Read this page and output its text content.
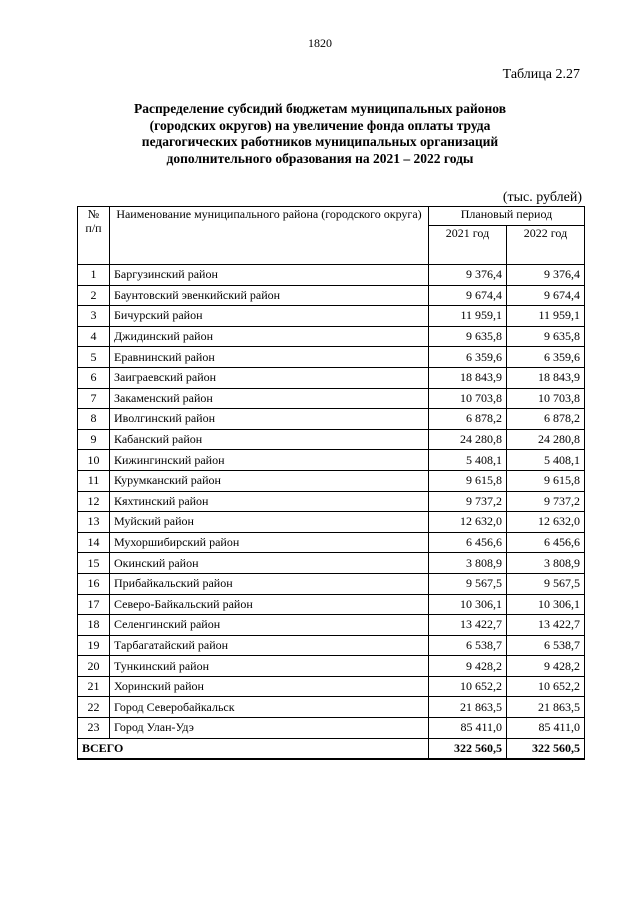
1820
Таблица 2.27
Распределение субсидий бюджетам муниципальных районов
(городских округов) на увеличение фонда оплаты труда
педагогических работников муниципальных организаций
дополнительного образования на 2021 – 2022 годы
(тыс. рублей)
№ п/п	Наименование муниципального района (городского округа)	Плановый период	
		2021 год	2022 год
1	Баргузинский район	9 376,4	9 376,4
2	Баунтовский эвенкийский район	9 674,4	9 674,4
3	Бичурский район	11 959,1	11 959,1
4	Джидинский район	9 635,8	9 635,8
5	Еравнинский район	6 359,6	6 359,6
6	Заиграевский район	18 843,9	18 843,9
7	Закаменский район	10 703,8	10 703,8
8	Иволгинский район	6 878,2	6 878,2
9	Кабанский район	24 280,8	24 280,8
10	Кижингинский район	5 408,1	5 408,1
11	Курумканский район	9 615,8	9 615,8
12	Кяхтинский район	9 737,2	9 737,2
13	Муйский район	12 632,0	12 632,0
14	Мухоршибирский район	6 456,6	6 456,6
15	Окинский район	3 808,9	3 808,9
16	Прибайкальский район	9 567,5	9 567,5
17	Северо-Байкальский район	10 306,1	10 306,1
18	Селенгинский район	13 422,7	13 422,7
19	Тарбагатайский район	6 538,7	6 538,7
20	Тункинский район	9 428,2	9 428,2
21	Хоринский район	10 652,2	10 652,2
22	Город Северобайкальск	21 863,5	21 863,5
23	Город Улан-Удэ	85 411,0	85 411,0
ВСЕГО		322 560,5	322 560,5
